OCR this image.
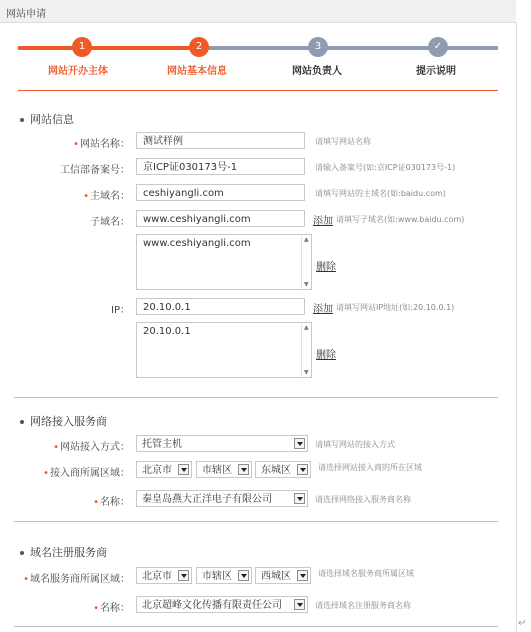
网站申请
1	2	3	✓
网站开办主体	网站基本信息	网站负责人	提示说明
网站信息
•网站名称：	测试样例	请填写网站名称
工信部备案号：	京ICP证030173号-1	请输入备案号(如:京ICP证030173号-1)
•主域名：	ceshiyangli.com	请填写网站的主域名(如:baidu.com)
子域名：	www.ceshiyangli.com	添加 请填写子域名(如:www.baidu.com)
www.ceshiyangli.com	▲
▼
删除
IP：	20.10.0.1	添加 请填写网站IP地址(如:20.10.0.1)
20.10.0.1	▲
▼
删除
网络接入服务商
•网站接入方式：	托管主机	请填写网站的接入方式
•接入商所属区域：	北京市	市辖区	东城区	请选择网站接入商的所在区域
•名称：	秦皇岛燕大正洋电子有限公司	请选择网络接入服务商名称
域名注册服务商
•域名服务商所属区域：	北京市	市辖区	西城区	请选择域名服务商所属区域
•名称：	北京超峰文化传播有限责任公司	请选择域名注册服务商名称
↵
